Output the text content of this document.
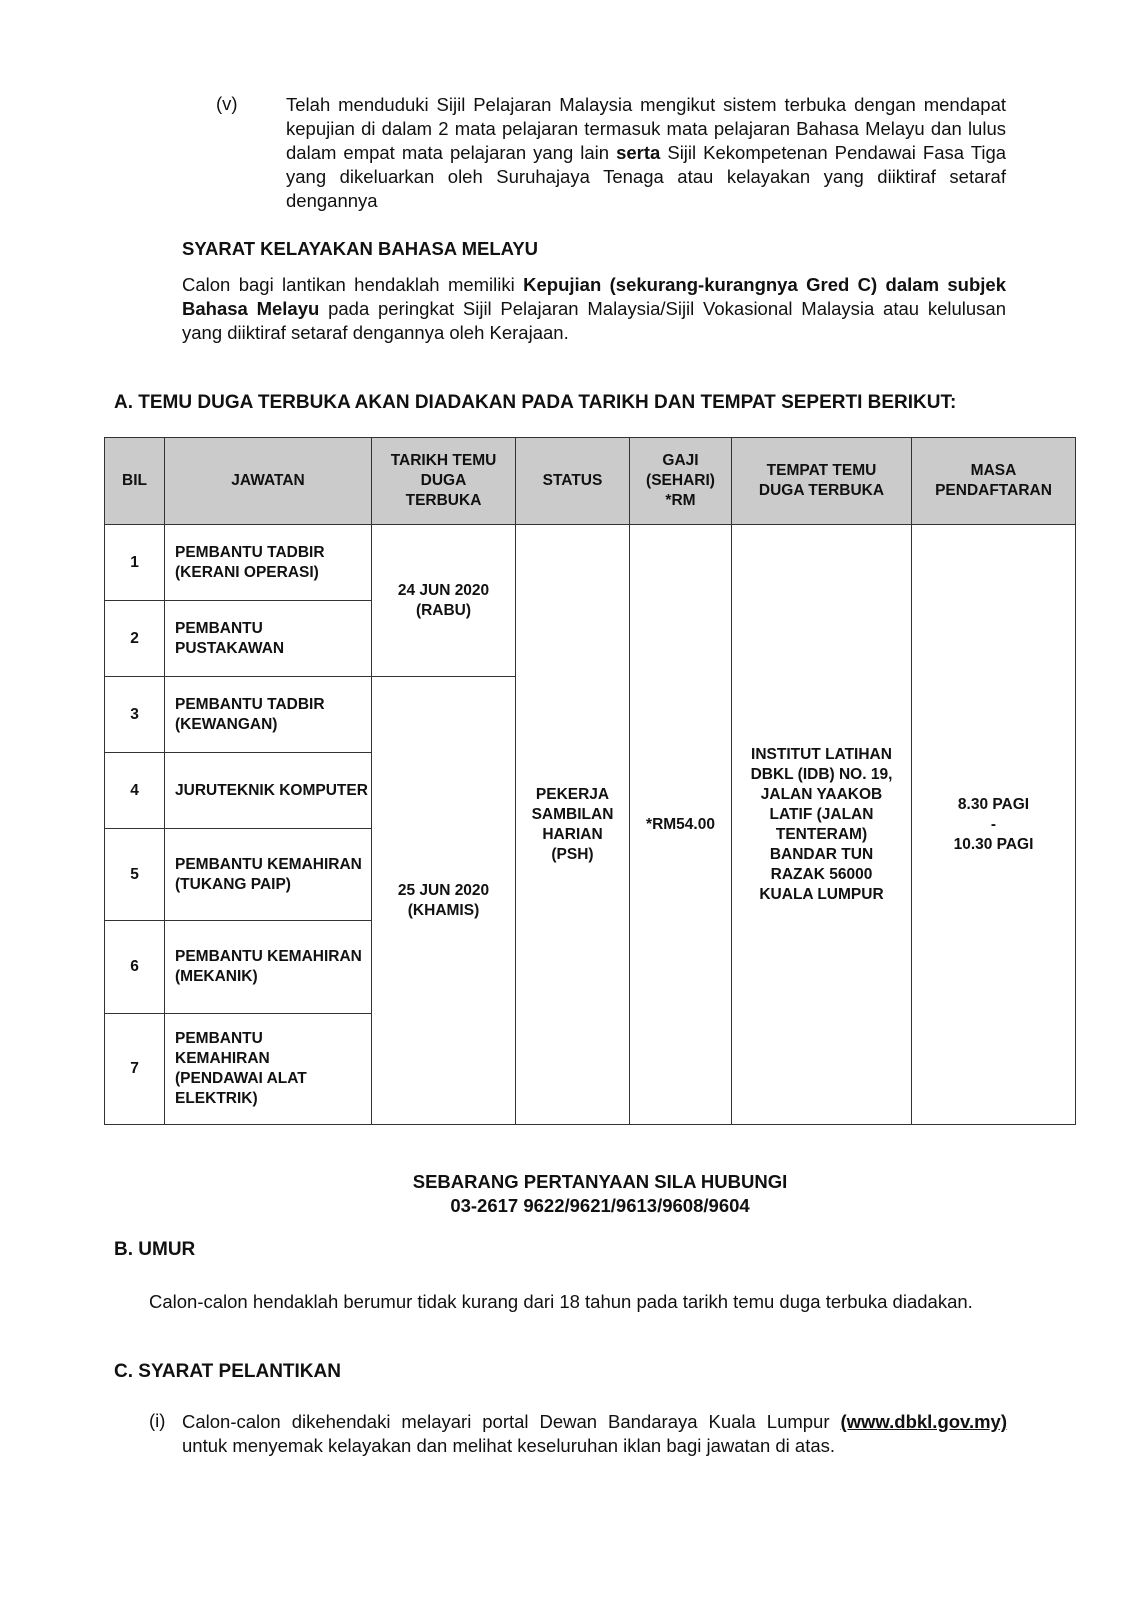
(v)	Telah menduduki Sijil Pelajaran Malaysia mengikut sistem terbuka dengan mendapat kepujian di dalam 2 mata pelajaran termasuk mata pelajaran Bahasa Melayu dan lulus dalam empat mata pelajaran yang lain serta Sijil Kekompetenan Pendawai Fasa Tiga yang dikeluarkan oleh Suruhajaya Tenaga atau kelayakan yang diiktiraf setaraf dengannya
SYARAT KELAYAKAN BAHASA MELAYU
Calon bagi lantikan hendaklah memiliki Kepujian (sekurang-kurangnya Gred C) dalam subjek Bahasa Melayu pada peringkat Sijil Pelajaran Malaysia/Sijil Vokasional Malaysia atau kelulusan yang diiktiraf setaraf dengannya oleh Kerajaan.
A. TEMU DUGA TERBUKA AKAN DIADAKAN PADA TARIKH DAN TEMPAT SEPERTI BERIKUT:
BIL	JAWATAN	TARIKH TEMU DUGA TERBUKA	STATUS	GAJI (SEHARI) *RM	TEMPAT TEMU DUGA TERBUKA	MASA PENDAFTARAN

1	PEMBANTU TADBIR (KERANI OPERASI)	24 JUN 2020 (RABU)	PEKERJA SAMBILAN HARIAN (PSH)	*RM54.00	INSTITUT LATIHAN DBKL (IDB) NO. 19, JALAN YAAKOB LATIF (JALAN TENTERAM) BANDAR TUN RAZAK 56000 KUALA LUMPUR	8.30 PAGI
-
10.30 PAGI

2	PEMBANTU PUSTAKAWAN					
3	PEMBANTU TADBIR (KEWANGAN)	25 JUN 2020 (KHAMIS)				

4	JURUTEKNIK KOMPUTER					
5	PEMBANTU KEMAHIRAN (TUKANG PAIP)					
6	PEMBANTU KEMAHIRAN (MEKANIK)					
7	PEMBANTU KEMAHIRAN (PENDAWAI ALAT ELEKTRIK)					
SEBARANG PERTANYAAN SILA HUBUNGI
03-2617 9622/9621/9613/9608/9604
B. UMUR
Calon-calon hendaklah berumur tidak kurang dari 18 tahun pada tarikh temu duga terbuka diadakan.
C. SYARAT PELANTIKAN
(i) Calon-calon dikehendaki melayari portal Dewan Bandaraya Kuala Lumpur (www.dbkl.gov.my) untuk menyemak kelayakan dan melihat keseluruhan iklan bagi jawatan di atas.
